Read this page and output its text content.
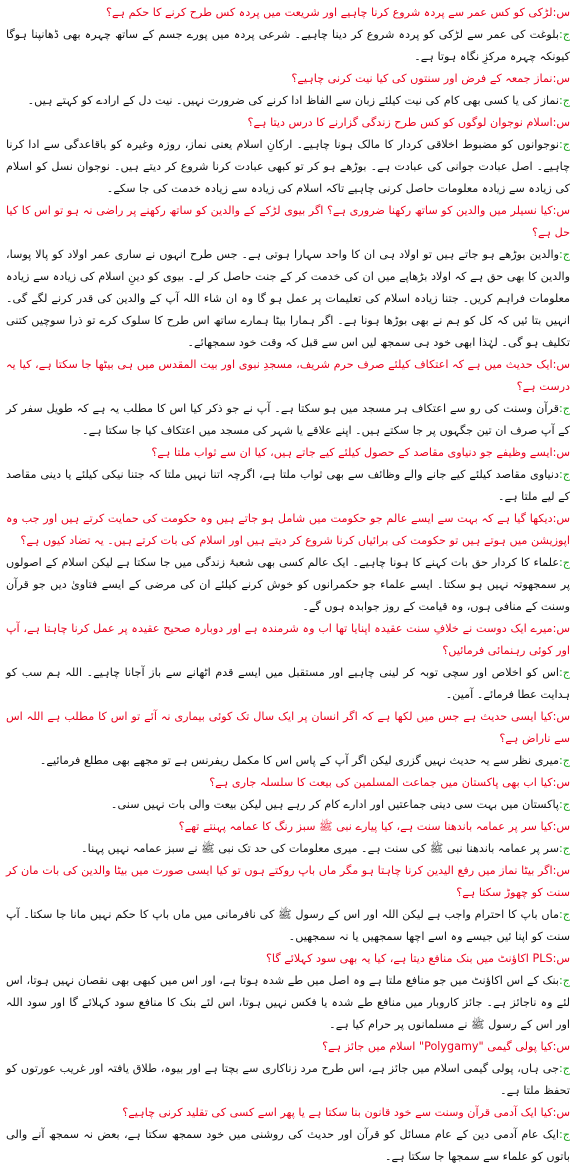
س:لڑکی کو کس عمر سے پردہ شروع کرنا چاہیے اور شریعت میں پردہ کس طرح کرنے کا حکم ہے؟

ج:بلوغت کی عمر سے لڑکی کو پردہ شروع کر دینا چاہیے۔ شرعی پردہ میں پورے جسم کے ساتھ چہرہ بھی ڈھانپنا ہوگا کیونکہ چہرہ مرکزِ نگاہ ہوتا ہے۔

س:نماز جمعہ کے فرض اور سنتوں کی کیا نیت کرنی چاہیے؟

ج:نماز کی یا کسی بھی کام کی نیت کیلئے زبان سے الفاظ ادا کرنے کی ضرورت نہیں۔ نیت دل کے ارادے کو کہتے ہیں۔

س:اسلام نوجوان لوگوں کو کس طرح زندگی گزارنے کا درس دیتا ہے؟

ج:نوجوانوں کو مضبوط اخلاقی کردار کا مالک ہونا چاہیے۔ ارکانِ اسلام یعنی نماز، روزہ وغیرہ کو باقاعدگی سے ادا کرنا چاہیے۔ اصل عبادت جوانی کی عبادت ہے۔ بوڑھے ہو کر تو کبھی عبادت کرنا شروع کر دیتے ہیں۔ نوجوان نسل کو اسلام کی زیادہ سے زیادہ معلومات حاصل کرنی چاہیے تاکہ اسلام کی زیادہ سے زیادہ خدمت کی جا سکے۔

س:کیا نسیلر میں والدین کو ساتھ رکھنا ضروری ہے؟ اگر بیوی لڑکے کے والدین کو ساتھ رکھنے پر راضی نہ ہو تو اس کا کیا حل ہے؟

ج:والدین بوڑھے ہو جاتے ہیں تو اولاد ہی ان کا واحد سہارا ہوتی ہے۔ جس طرح انہوں نے ساری عمر اولاد کو پالا پوسا، والدین کا بھی حق ہے کہ اولاد بڑھاپے میں ان کی خدمت کر کے جنت حاصل کر لے۔ بیوی کو دینِ اسلام کی زیادہ سے زیادہ معلومات فراہم کریں۔ جتنا زیادہ اسلام کی تعلیمات پر عمل ہو گا وہ ان شاء اللہ آپ کے والدین کی قدر کرنے لگے گی۔ انہیں بتا ئیں کہ کل کو ہم نے بھی بوڑھا ہونا ہے۔ اگر ہمارا بیٹا ہمارے ساتھ اس طرح کا سلوک کرے تو ذرا سوچیں کتنی تکلیف ہو گی۔ لہٰذا ابھی خود ہی سمجھ لیں اس سے قبل کہ وقت خود سمجھائے۔

س:ایک حدیث میں ہے کہ اعتکاف کیلئے صرف حرم شریف، مسجدِ نبوی اور بیت المقدس میں ہی بیٹھا جا سکتا ہے، کیا یہ درست ہے؟

ج:قرآن وسنت کی رو سے اعتکاف ہر مسجد میں ہو سکتا ہے۔ آپ نے جو ذکر کیا اس کا مطلب یہ ہے کہ طویل سفر کر کے آپ صرف ان تین جگہوں پر جا سکتے ہیں۔ اپنے علاقے یا شہر کی مسجد میں اعتکاف کیا جا سکتا ہے۔

س:ایسے وظیفے جو دنیاوی مقاصد کے حصول کیلئے کیے جاتے ہیں، کیا ان سے ثواب ملتا ہے؟

ج:دنیاوی مقاصد کیلئے کیے جانے والے وظائف سے بھی ثواب ملتا ہے، اگرچہ اتنا نہیں ملتا کہ جتنا نیکی کیلئے یا دینی مقاصد کے لیے ملتا ہے۔

س:دیکھا گیا ہے کہ بہت سے ایسے عالم جو حکومت میں شامل ہو جاتے ہیں وہ حکومت کی حمایت کرتے ہیں اور جب وہ اپوزیشن میں ہوتے ہیں تو حکومت کی برائیاں کرنا شروع کر دیتے ہیں اور اسلام کی بات کرتے ہیں۔ یہ تضاد کیوں ہے؟

ج:علماء کا کردار حق بات کہنے کا ہونا چاہیے۔ ایک عالم کسی بھی شعبۂ زندگی میں جا سکتا ہے لیکن اسلام کے اصولوں پر سمجھوتہ نہیں ہو سکتا۔ ایسے علماء جو حکمرانوں کو خوش کرنے کیلئے ان کی مرضی کے ایسے فتاویٰ دیں جو قرآن وسنت کے منافی ہوں، وہ قیامت کے روز جوابدہ ہوں گے۔

س:میرے ایک دوست نے خلافِ سنت عقیدہ اپنایا تھا اب وہ شرمندہ ہے اور دوبارہ صحیح عقیدہ پر عمل کرنا چاہتا ہے، آپ اور کوئی رہنمائی فرمائیں؟

ج:اس کو اخلاص اور سچی توبہ کر لینی چاہیے اور مستقبل میں ایسے قدم اٹھانے سے باز آجانا چاہیے۔ اللہ ہم سب کو ہدایت عطا فرمائے۔ آمین۔

س:کیا ایسی حدیث ہے جس میں لکھا ہے کہ اگر انسان پر ایک سال تک کوئی بیماری نہ آئے تو اس کا مطلب ہے اللہ اس سے ناراض ہے؟

ج:میری نظر سے یہ حدیث نہیں گزری لیکن اگر آپ کے پاس اس کا مکمل ریفرنس ہے تو مجھے بھی مطلع فرمائیے۔

س:کیا اب بھی پاکستان میں جماعت المسلمین کی بیعت کا سلسلہ جاری ہے؟

ج:پاکستان میں بہت سی دینی جماعتیں اور ادارے کام کر رہے ہیں لیکن بیعت والی بات نہیں سنی۔

س:کیا سر پر عمامہ باندھنا سنت ہے، کیا پیارے نبی ﷺ سبز رنگ کا عمامہ پہنتے تھے؟

ج:سر پر عمامہ باندھنا نبی ﷺ کی سنت ہے۔ میری معلومات کی حد تک نبی ﷺ نے سبز عمامہ نہیں پہنا۔

س:اگر بیٹا نماز میں رفع الیدین کرنا چاہتا ہو مگر ماں باپ روکتے ہوں تو کیا ایسی صورت میں بیٹا والدین کی بات مان کر سنت کو چھوڑ سکتا ہے؟

ج:ماں باپ کا احترام واجب ہے لیکن اللہ اور اس کے رسول ﷺ کی نافرمانی میں ماں باپ کا حکم نہیں مانا جا سکتا۔ آپ سنت کو اپنا ئیں جیسے وہ اسے اچھا سمجھیں یا نہ سمجھیں۔

س:PLS اکاؤنٹ میں بنک منافع دیتا ہے، کیا یہ بھی سود کہلائے گا؟

ج:بنک کے اس اکاؤنٹ میں جو منافع ملتا ہے وہ اصل میں طے شدہ ہوتا ہے، اور اس میں کبھی بھی نقصان نہیں ہوتا، اس لئے وہ ناجائز ہے۔ جائز کاروبار میں منافع طے شدہ یا فکس نہیں ہوتا، اس لئے بنک کا منافع سود کہلائے گا اور سود اللہ اور اس کے رسول ﷺ نے مسلمانوں پر حرام کیا ہے۔

س:کیا پولی گیمی "Polygamy" اسلام میں جائز ہے؟

ج:جی ہاں، پولی گیمی اسلام میں جائز ہے، اس طرح مرد زناکاری سے بچتا ہے اور بیوہ، طلاق یافتہ اور غریب عورتوں کو تحفظ ملتا ہے۔

س:کیا ایک آدمی قرآن وسنت سے خود قانون بنا سکتا ہے یا پھر اسے کسی کی تقلید کرنی چاہیے؟

ج:ایک عام آدمی دین کے عام مسائل کو قرآن اور حدیث کی روشنی میں خود سمجھ سکتا ہے، بعض نہ سمجھ آنے والی باتوں کو علماء سے سمجھا جا سکتا ہے۔
